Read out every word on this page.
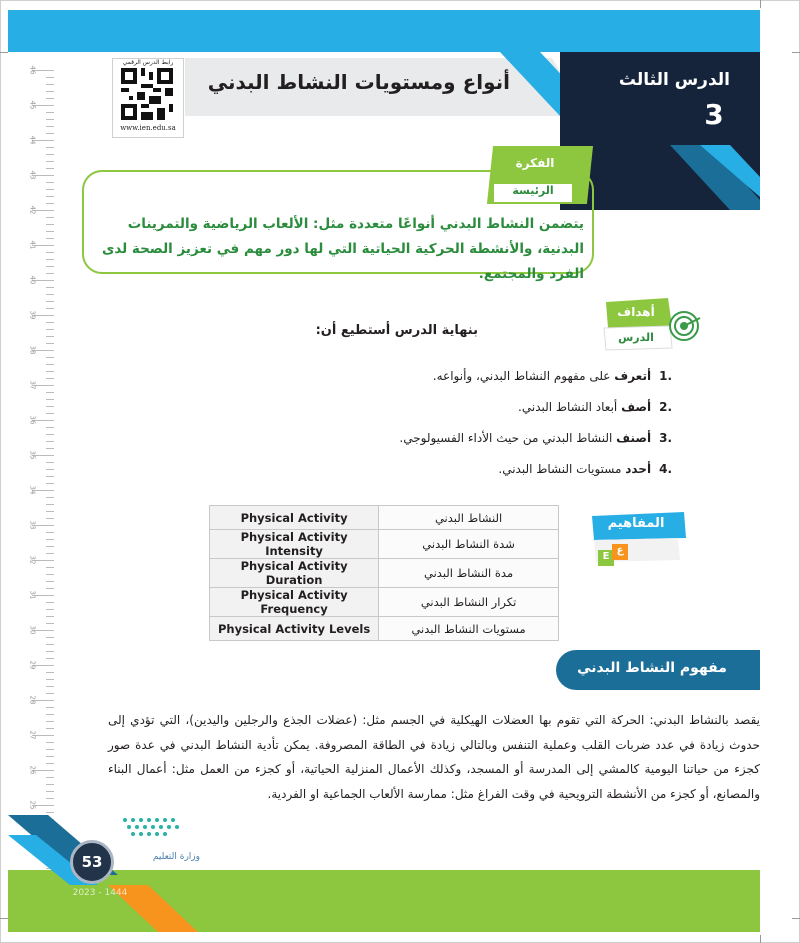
الدرس الثالث
3
أنواع ومستويات النشاط البدني
رابط الدرس الرقمي
www.ien.edu.sa
46
45
44
43
42
41
40
39
38
37
36
35
34
33
32
31
30
29
28
27
26
25
الفكرة
الرئيسة
يتضمن النشاط البدني أنواعًا متعددة مثل: الألعاب الرياضية والتمرينات البدنية، والأنشطة الحركية الحياتية التي لها دور مهم في تعزيز الصحة لدى الفرد والمجتمع.
أهداف
الدرس
بنهاية الدرس أستطيع أن:
.1أتعرف على مفهوم النشاط البدني، وأنواعه.
.2أصف أبعاد النشاط البدني.
.3أصنف النشاط البدني من حيث الأداء الفسيولوجي.
.4أحدد مستويات النشاط البدني.
المفاهيم
E
ع
Physical Activity	النشاط البدني
Physical Activity Intensity	شدة النشاط البدني
Physical Activity Duration	مدة النشاط البدني
Physical Activity Frequency	تكرار النشاط البدني
Physical Activity Levels	مستويات النشاط البدني
مفهوم النشاط البدني
يقصد بالنشاط البدني: الحركة التي تقوم بها العضلات الهيكلية في الجسم مثل: (عضلات الجذع والرجلين واليدين)، التي تؤدي إلى حدوث زيادة في عدد ضربات القلب وعملية التنفس وبالتالي زيادة في الطاقة المصروفة. يمكن تأدية النشاط البدني في عدة صور كجزء من حياتنا اليومية كالمشي إلى المدرسة أو المسجد، وكذلك الأعمال المنزلية الحياتية، أو كجزء من العمل مثل: أعمال البناء والمصانع، أو كجزء من الأنشطة الترويحية في وقت الفراغ مثل: ممارسة الألعاب الجماعية او الفردية.
وزارة التعليم
53
2023 - 1444
